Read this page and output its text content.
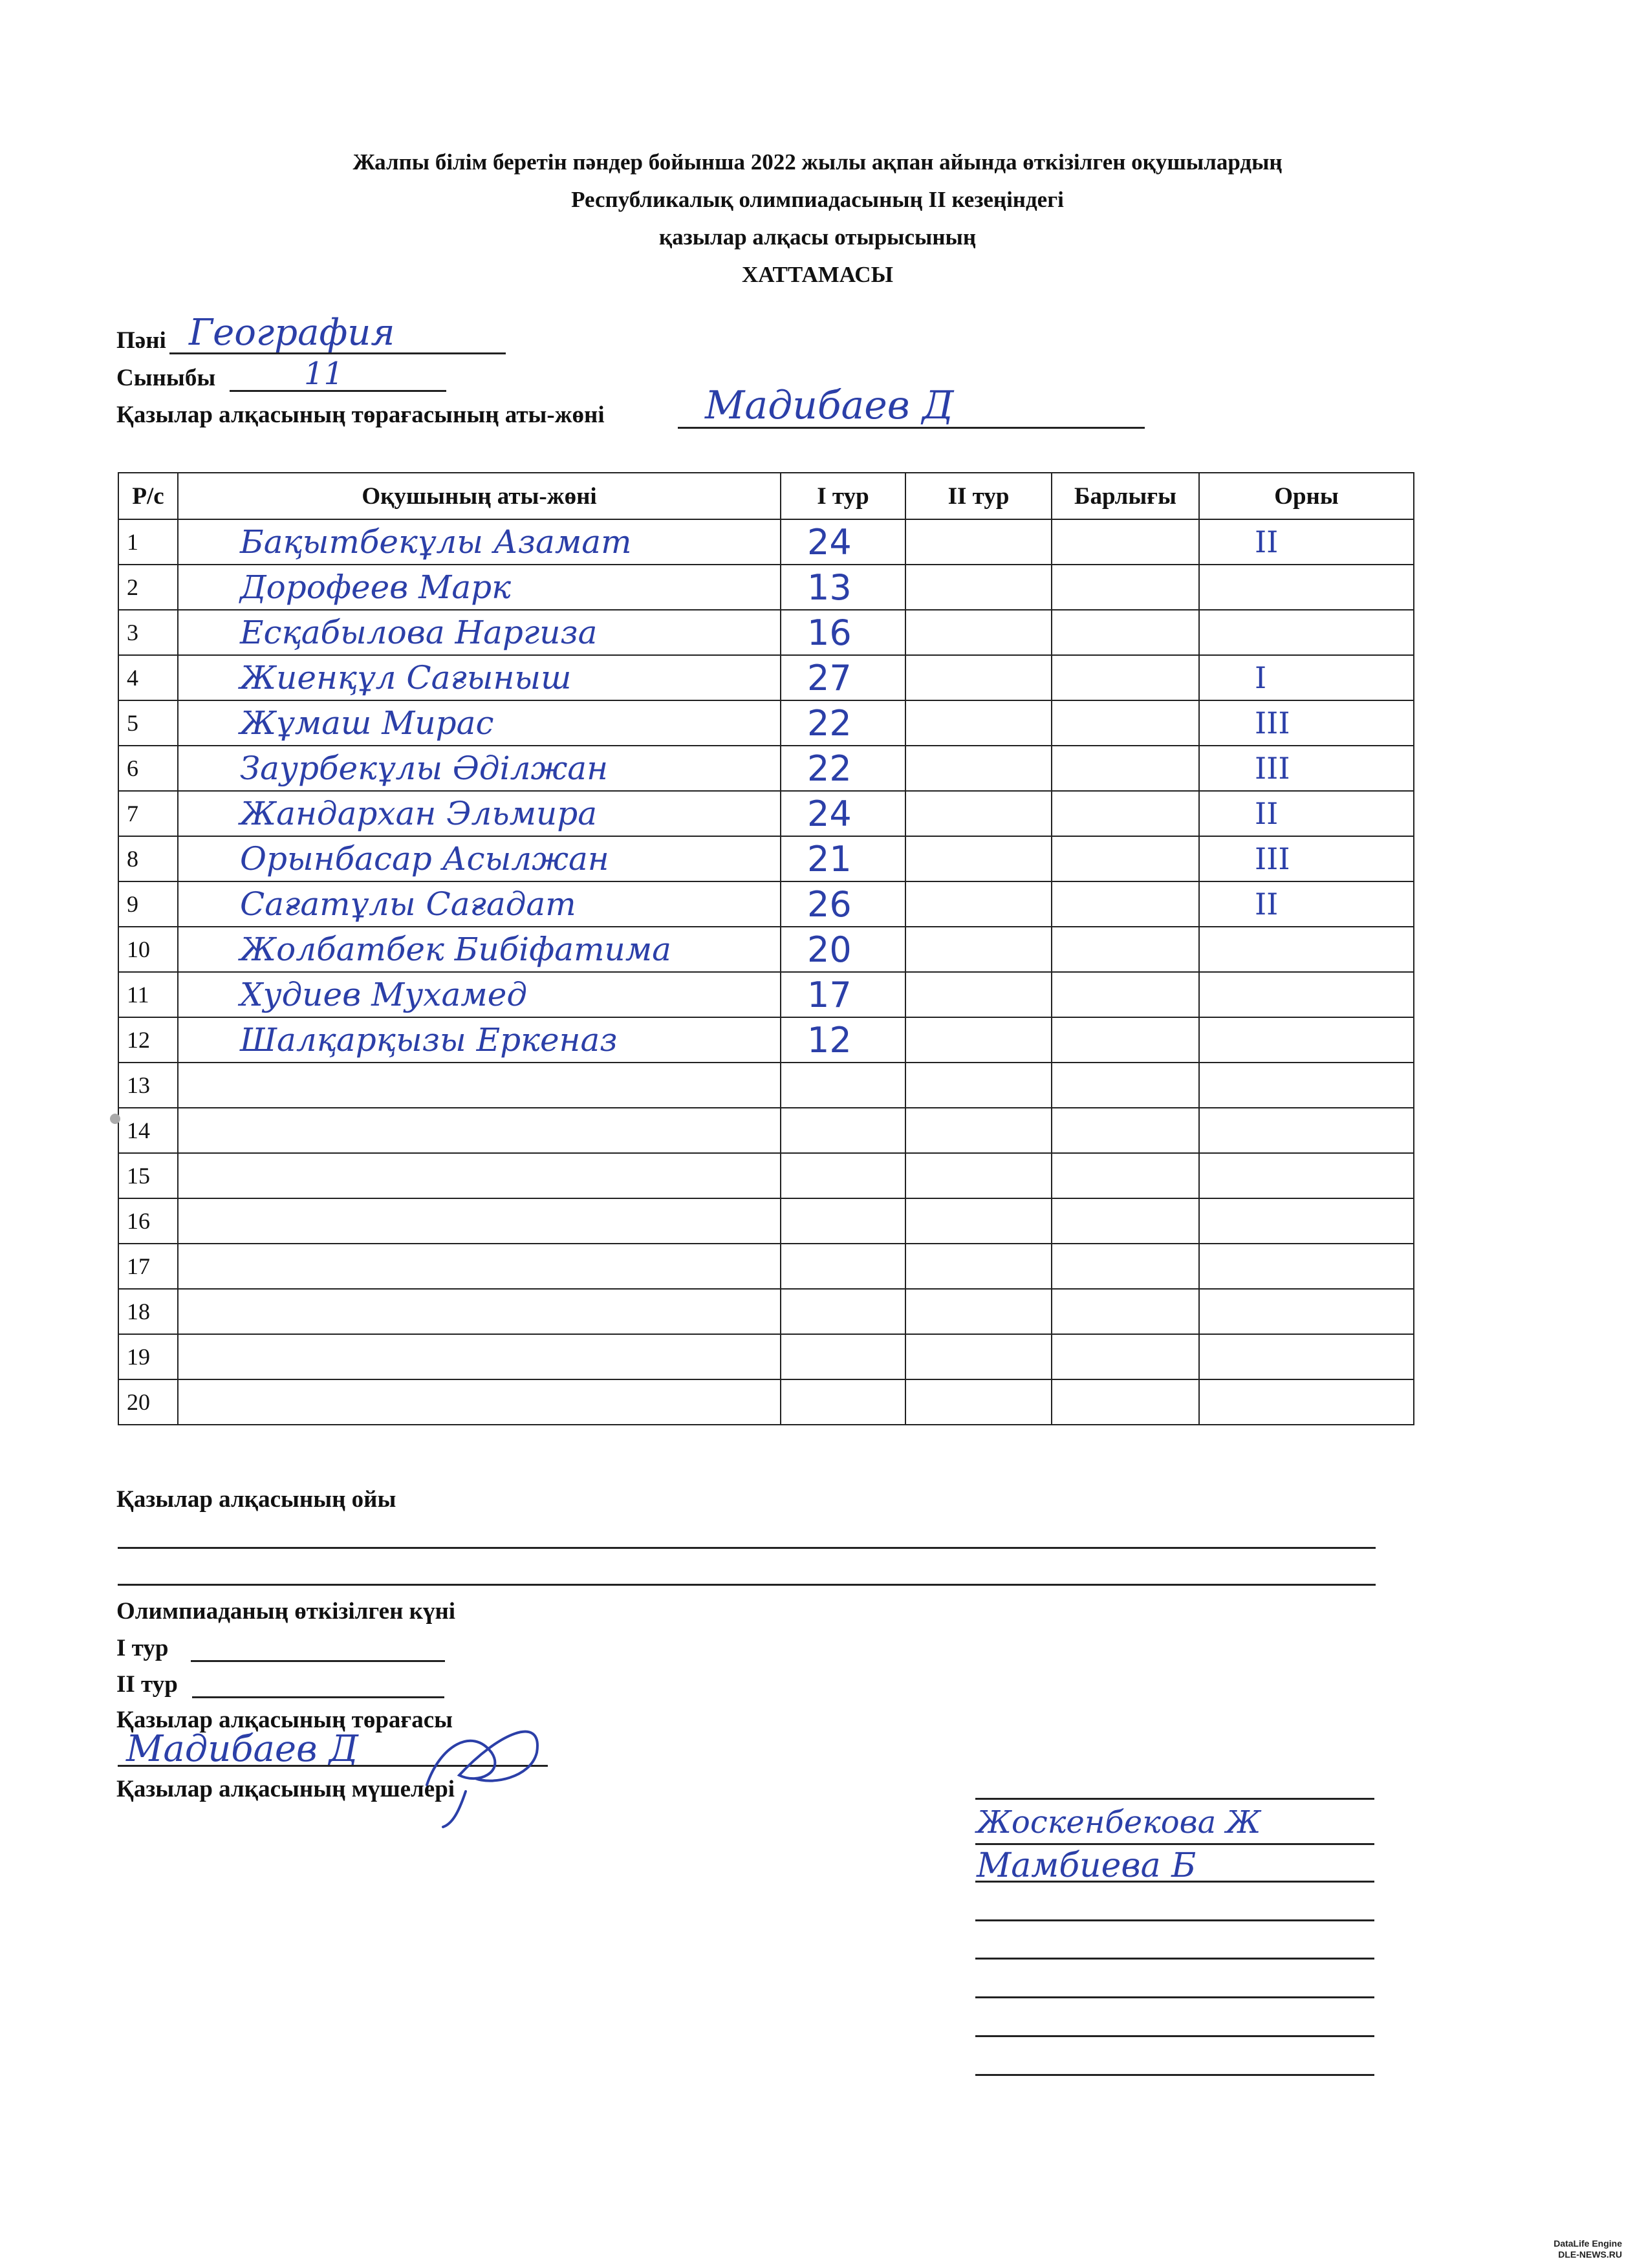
Жалпы білім беретін пәндер бойынша 2022 жылы ақпан айында өткізілген оқушылардың
Республикалық олимпиадасының ІІ кезеңіндегі
қазылар алқасы отырысының
ХАТТАМАСЫ
Пәні География
Сыныбы	11
Қазылар алқасының төрағасының аты-жөні	Мадибаев Д
Р/с	Оқушының аты-жөні	І тур	ІІ тур	Барлығы	Орны
1	Бақытбекұлы Азамат	24			ІІ
2	Дорофеев Марк	13			
3	Есқабылова Наргиза	16			
4	Жиенқұл Сағыныш	27			І
5	Жұмаш Мирас	22			ІІІ
6	Заурбекұлы Әділжан	22			ІІІ
7	Жандархан Эльмира	24			ІІ
8	Орынбасар Асылжан	21			ІІІ
9	Сағатұлы Сағадат	26			ІІ
10	Жолбатбек Бибіфатима	20			
11	Худиев Мухамед	17			
12	Шалқарқызы Еркеназ	12			
13					
14					
15					
16					
17					
18					
19					
20					
Қазылар алқасының ойы
Олимпиаданың өткізілген күні
І тур
ІІ тур
Қазылар алқасының төрағасы
Мадибаев Д
Қазылар алқасының мүшелері
Жоскенбекова Ж
Мамбиева Б
DataLife Engine
DLE-NEWS.RU
